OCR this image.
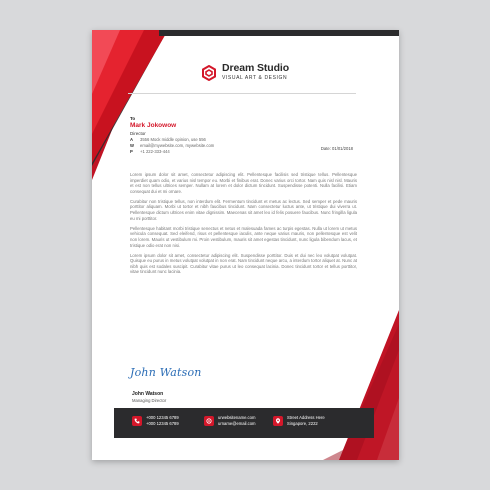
Dream Studio
VISUAL ART & DESIGN
To
Mark Jokowow
Director
A 3556 Mock middle opinion, use 556
W email@mywebsite.com, mywebsite.com
P +1 222-333-444
Date: 01/01/2018

Lorem ipsum dolor sit amet, consectetur adipiscing elit. Pellentesque facilisis sed tristique tellus. Pellentesque imperdiet quam odio, et varius nisl tempor eu. Morbi et finibus erat. Donec varius orci tortor. Nam quis nisl nisl. Mauris et est non tellus ultrices semper. Nullam at lorem et dolor dictum tincidunt. Suspendisse potenti. Nulla facilisi. Etiam consequat dui et mi ornare.

Curabitur non tristique tellus, non interdum elit. Fermentum tincidunt et metus ac lectus. Sed semper et pede mauris porttitor aliquam. Morbi ut tortor et nibh faucibus tincidunt. Nam consectetur luctus ante, ut tristique dui viverra ut. Pellentesque dictum ultrices enim vitae dignissim. Maecenas sit amet leo id felis posuere faucibus. Nunc fringilla ligula eu mi porttitor.

Pellentesque habitant morbi tristique senectus et netus et malesuada fames ac turpis egestas. Nulla ut lorem ut metus vehicula consequat. Sed eleifend, risus et pellentesque iaculis, ante neque varius mauris, non pellentesque est velit non lorem. Mauris ut vestibulum mi. Proin vestibulum, mauris sit amet egestas tincidunt, nunc ligula bibendum lacus, et tristique odio erat non nisi.

Lorem ipsum dolor sit amet, consectetur adipiscing elit. Suspendisse porttitor. Duis et dui nec leo volutpat volutpat. Quisque eu purus in metus volutpat volutpat in non erat. Nam tincidunt neque arcu, a interdum tortor aliquet at. Nunc at nibh quis est sodales suscipit. Curabitur vitae purus ut leo consequat lacinia. Donec tincidunt tortor et tellus porttitor, vitae tincidunt nunc lacinia.

John Watson
John Watson
Managing Director
+000 12345 6789
+000 12345 6789
urwebsitename.com
urname@email.com
Street Address Here
Singapore, 2222
